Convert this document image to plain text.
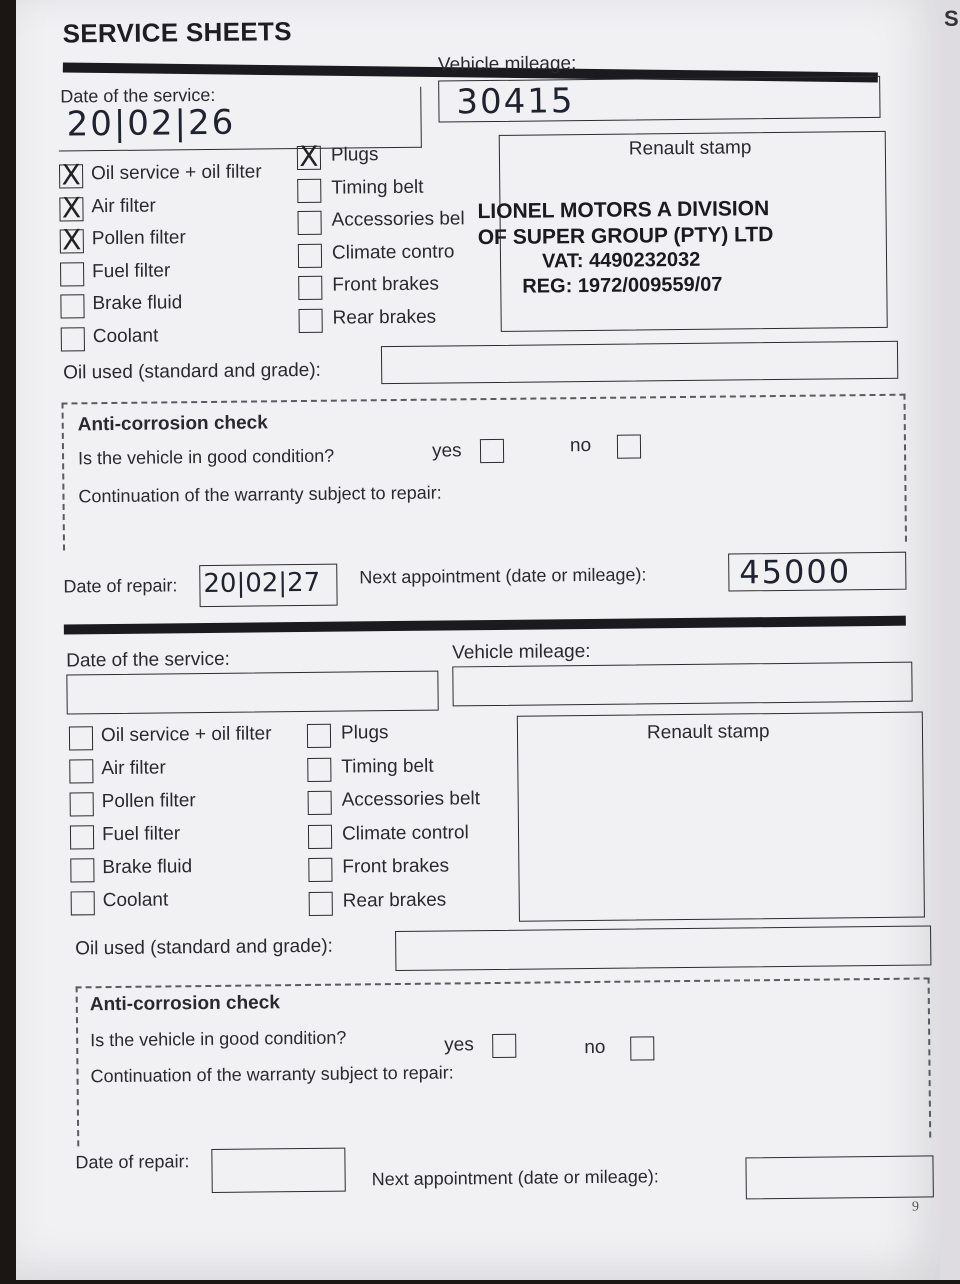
SERVICE SHEETS
Date of the service:
20|02|26
Vehicle mileage:
30415
X Oil service + oil filter
X Air filter
X Pollen filter
Fuel filter
Brake fluid
Coolant
X Plugs
Timing belt
Accessories bel
Climate contro
Front brakes
Rear brakes
Renault stamp
LIONEL MOTORS A DIVISION
OF SUPER GROUP (PTY) LTD
VAT: 4490232032
REG: 1972/009559/07
Oil used (standard and grade):
Anti-corrosion check
Is the vehicle in good condition?	yes	no
Continuation of the warranty subject to repair:
Date of repair: 20|02|27 Next appointment (date or mileage):	45000
Date of the service:	Vehicle mileage:
Oil service + oil filter
Air filter
Pollen filter
Fuel filter
Brake fluid
Coolant
Plugs
Timing belt
Accessories belt
Climate control
Front brakes
Rear brakes
Renault stamp
Oil used (standard and grade):
Anti-corrosion check
Is the vehicle in good condition?	yes	no
Continuation of the warranty subject to repair:
Date of repair:
Next appointment (date or mileage):
9
S
